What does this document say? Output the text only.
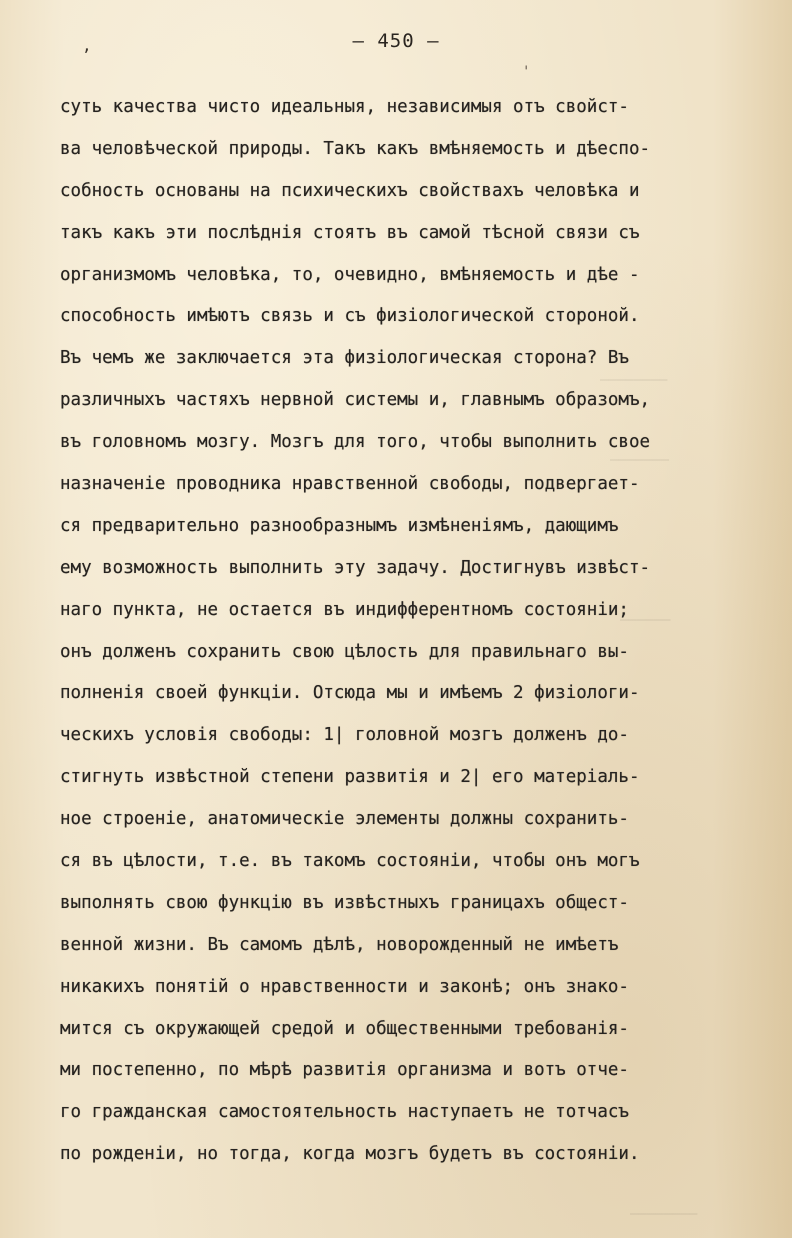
————————
———————
——————
————————
,
'
– 450 –
суть качества чисто идеальныя, независимыя отъ свойст-
ва человѣческой природы. Такъ какъ вмѣняемость и дѣеспо-
собность основаны на психическихъ свойствахъ человѣка и
такъ какъ эти послѣднія стоятъ въ самой тѣсной связи съ
организмомъ человѣка, то, очевидно, вмѣняемость и дѣе -
способность имѣютъ связь и съ физiологической стороной.
Въ чемъ же заключается эта физiологическая сторона? Въ
различныхъ частяхъ нервной системы и, главнымъ образомъ,
въ головномъ мозгу. Мозгъ для того, чтобы выполнить свое
назначенiе проводника нравственной свободы, подвергает-
ся предварительно разнообразнымъ измѣненiямъ, дающимъ
ему возможность выполнить эту задачу. Достигнувъ извѣст-
наго пункта, не остается въ индифферентномъ состоянiи;
онъ долженъ сохранить свою цѣлость для правильнаго вы-
полненiя своей функцiи. Отсюда мы и имѣемъ 2 физiологи-
ческихъ условiя свободы: 1| головной мозгъ долженъ до-
стигнуть извѣстной степени развитiя и 2| его матерiаль-
ное строенiе, анатомическiе элементы должны сохранить-
ся въ цѣлости, т.е. въ такомъ состоянiи, чтобы онъ могъ
выполнять свою функцiю въ извѣстныхъ границахъ общест-
венной жизни. Въ самомъ дѣлѣ, новорожденный не имѣетъ
никакихъ понятiй о нравственности и законѣ; онъ знако-
мится съ окружающей средой и общественными требованiя-
ми постепенно, по мѣрѣ развитiя организма и вотъ отче-
го гражданская самостоятельность наступаетъ не тотчасъ
по рожденiи, но тогда, когда мозгъ будетъ въ состоянiи.
